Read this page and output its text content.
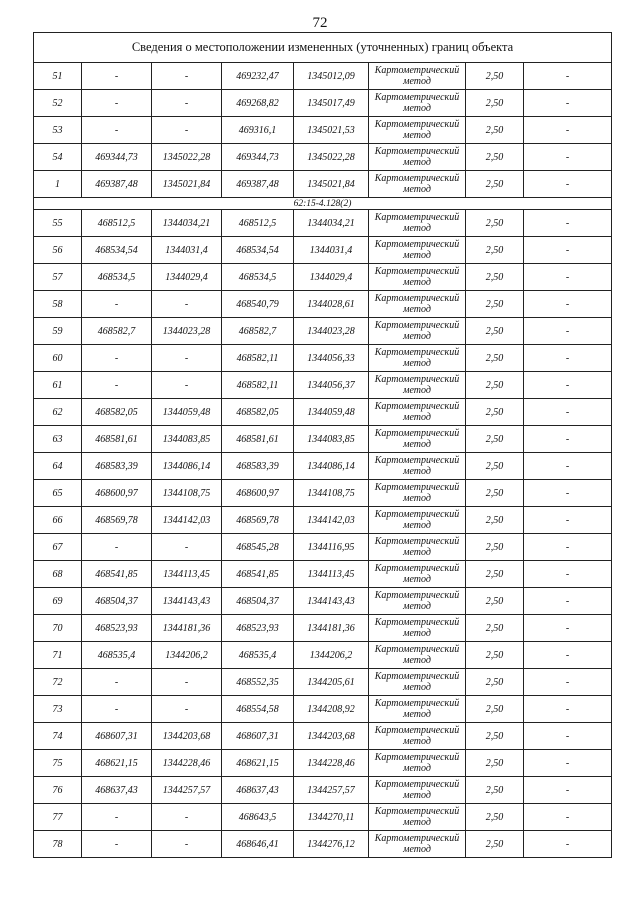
72
Сведения о местоположении измененных (уточненных) границ объекта							
51	-	-	469232,47	1345012,09	Картометрический
метод	2,50	-
52	-	-	469268,82	1345017,49	Картометрический
метод	2,50	-
53	-	-	469316,1	1345021,53	Картометрический
метод	2,50	-
54	469344,73	1345022,28	469344,73	1345022,28	Картометрический
метод	2,50	-
1	469387,48	1345021,84	469387,48	1345021,84	Картометрический
метод	2,50	-
62:15-4.128(2)							
55	468512,5	1344034,21	468512,5	1344034,21	Картометрический
метод	2,50	-
56	468534,54	1344031,4	468534,54	1344031,4	Картометрический
метод	2,50	-
57	468534,5	1344029,4	468534,5	1344029,4	Картометрический
метод	2,50	-
58	-	-	468540,79	1344028,61	Картометрический
метод	2,50	-
59	468582,7	1344023,28	468582,7	1344023,28	Картометрический
метод	2,50	-
60	-	-	468582,11	1344056,33	Картометрический
метод	2,50	-
61	-	-	468582,11	1344056,37	Картометрический
метод	2,50	-
62	468582,05	1344059,48	468582,05	1344059,48	Картометрический
метод	2,50	-
63	468581,61	1344083,85	468581,61	1344083,85	Картометрический
метод	2,50	-
64	468583,39	1344086,14	468583,39	1344086,14	Картометрический
метод	2,50	-
65	468600,97	1344108,75	468600,97	1344108,75	Картометрический
метод	2,50	-
66	468569,78	1344142,03	468569,78	1344142,03	Картометрический
метод	2,50	-
67	-	-	468545,28	1344116,95	Картометрический
метод	2,50	-
68	468541,85	1344113,45	468541,85	1344113,45	Картометрический
метод	2,50	-
69	468504,37	1344143,43	468504,37	1344143,43	Картометрический
метод	2,50	-
70	468523,93	1344181,36	468523,93	1344181,36	Картометрический
метод	2,50	-
71	468535,4	1344206,2	468535,4	1344206,2	Картометрический
метод	2,50	-
72	-	-	468552,35	1344205,61	Картометрический
метод	2,50	-
73	-	-	468554,58	1344208,92	Картометрический
метод	2,50	-
74	468607,31	1344203,68	468607,31	1344203,68	Картометрический
метод	2,50	-
75	468621,15	1344228,46	468621,15	1344228,46	Картометрический
метод	2,50	-
76	468637,43	1344257,57	468637,43	1344257,57	Картометрический
метод	2,50	-
77	-	-	468643,5	1344270,11	Картометрический
метод	2,50	-
78	-	-	468646,41	1344276,12	Картометрический
метод	2,50	-
